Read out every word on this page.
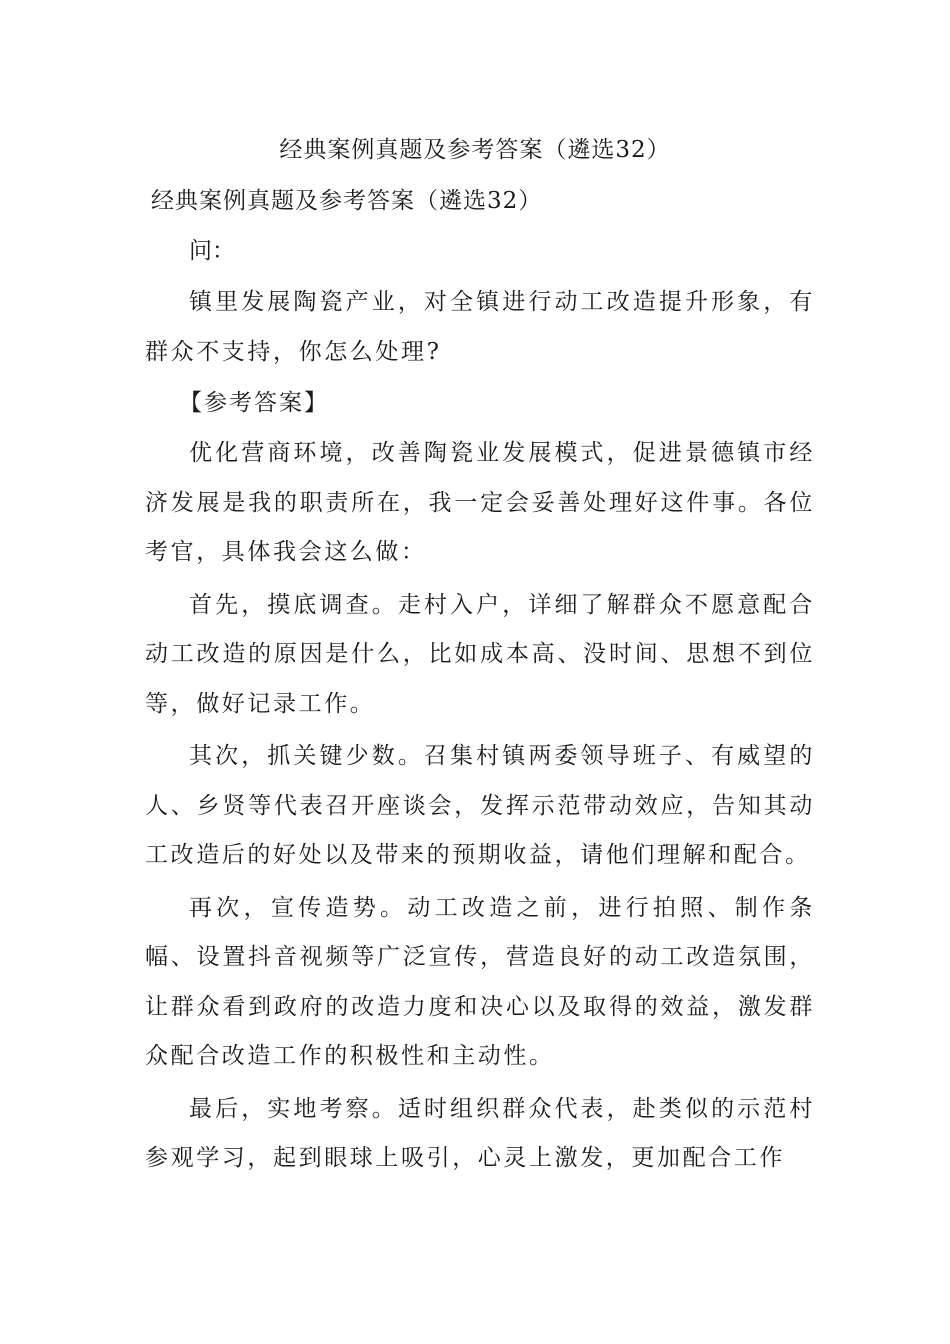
经典案例真题及参考答案（遴选32）

经典案例真题及参考答案（遴选32）

问：

镇里发展陶瓷产业，对全镇进行动工改造提升形象，有群众不支持，你怎么处理?

【参考答案】

优化营商环境，改善陶瓷业发展模式，促进景德镇市经济发展是我的职责所在，我一定会妥善处理好这件事。各位考官，具体我会这么做：

首先，摸底调查。走村入户，详细了解群众不愿意配合动工改造的原因是什么，比如成本高、没时间、思想不到位等，做好记录工作。

其次，抓关键少数。召集村镇两委领导班子、有威望的人、乡贤等代表召开座谈会，发挥示范带动效应，告知其动工改造后的好处以及带来的预期收益，请他们理解和配合。

再次，宣传造势。动工改造之前，进行拍照、制作条幅、设置抖音视频等广泛宣传，营造良好的动工改造氛围，让群众看到政府的改造力度和决心以及取得的效益，激发群众配合改造工作的积极性和主动性。

最后，实地考察。适时组织群众代表，赴类似的示范村参观学习，起到眼球上吸引，心灵上激发，更加配合工作
